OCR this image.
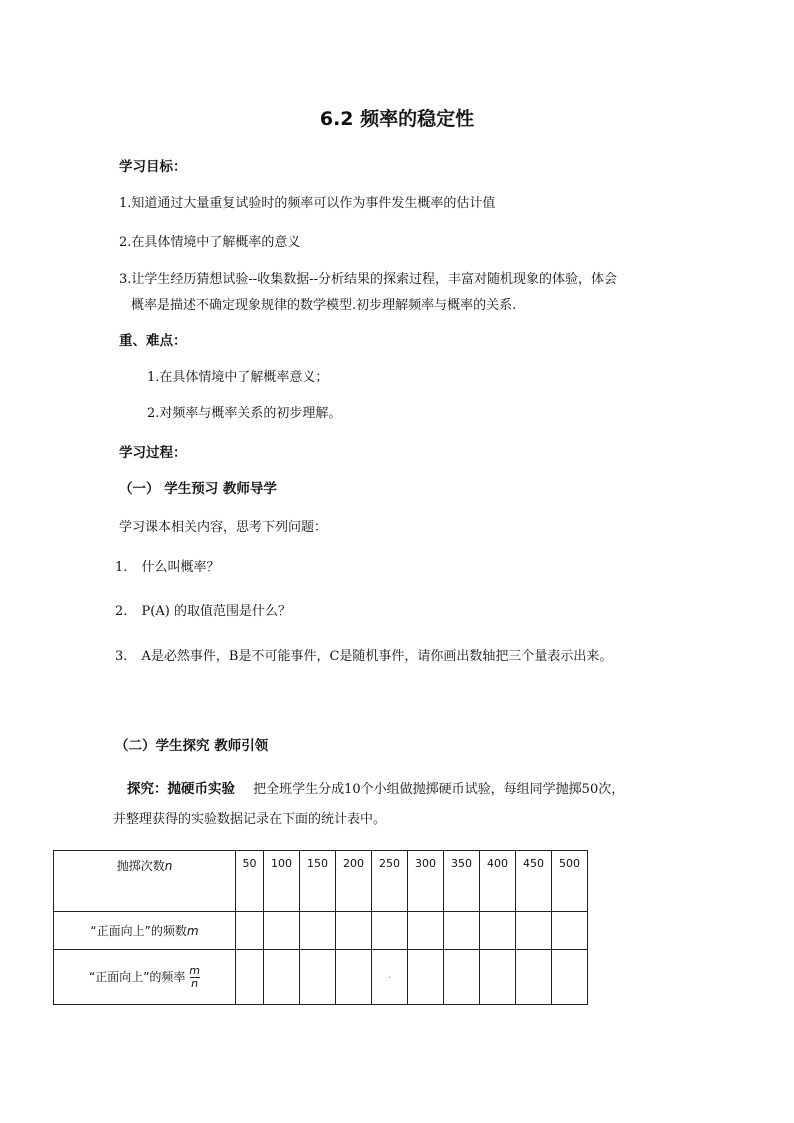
6.2 频率的稳定性
学习目标：
1.知道通过大量重复试验时的频率可以作为事件发生概率的估计值
2.在具体情境中了解概率的意义
3.让学生经历猜想试验--收集数据--分析结果的探索过程，丰富对随机现象的体验，体会
概率是描述不确定现象规律的数学模型.初步理解频率与概率的关系.
重、难点：
1.在具体情境中了解概率意义；
2.对频率与概率关系的初步理解。
学习过程：
（一） 学生预习 教师导学
学习课本相关内容，思考下列问题：
1. 什么叫概率？
2. P(A) 的取值范围是什么？
3. A是必然事件，B是不可能事件，C是随机事件，请你画出数轴把三个量表示出来。
（二）学生探究 教师引领
探究：抛硬币实验 把全班学生分成10个小组做抛掷硬币试验，每组同学抛掷50次，
并整理获得的实验数据记录在下面的统计表中。
抛掷次数n	50	100	150	200	250	300	350	400	450	500
“正面向上”的频数m										
“正面向上”的频率 $\frac{m}{n}$					·					
